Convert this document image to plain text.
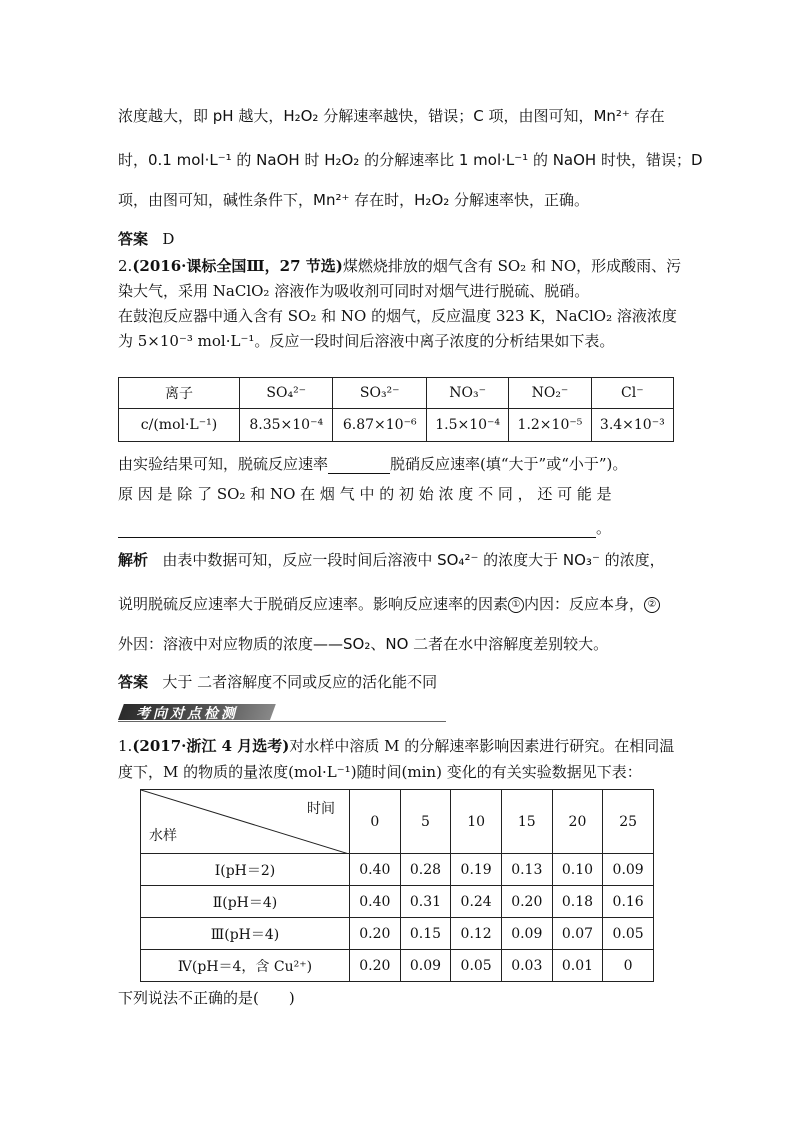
浓度越大，即 pH 越大，H₂O₂ 分解速率越快，错误；C 项，由图可知，Mn²⁺ 存在
时，0.1 mol·L⁻¹ 的 NaOH 时 H₂O₂ 的分解速率比 1 mol·L⁻¹ 的 NaOH 时快，错误；D
项，由图可知，碱性条件下，Mn²⁺ 存在时，H₂O₂ 分解速率快，正确。
答案 D
2.(2016·课标全国Ⅲ，27 节选)煤燃烧排放的烟气含有 SO₂ 和 NO，形成酸雨、污
染大气，采用 NaClO₂ 溶液作为吸收剂可同时对烟气进行脱硫、脱硝。
在鼓泡反应器中通入含有 SO₂ 和 NO 的烟气，反应温度 323 K，NaClO₂ 溶液浓度
为 5×10⁻³ mol·L⁻¹。反应一段时间后溶液中离子浓度的分析结果如下表。
离子	SO₄²⁻	SO₃²⁻	NO₃⁻	NO₂⁻	Cl⁻
c/(mol·L⁻¹)	8.35×10⁻⁴	6.87×10⁻⁶	1.5×10⁻⁴	1.2×10⁻⁵	3.4×10⁻³
由实验结果可知，脱硫反应速率	脱硝反应速率(填“大于”或“小于”)。
原 因 是 除 了 SO₂ 和 NO 在 烟 气 中 的 初 始 浓 度 不 同 ， 还 可 能 是
。
解析 由表中数据可知，反应一段时间后溶液中 SO₄²⁻ 的浓度大于 NO₃⁻ 的浓度，
说明脱硫反应速率大于脱硝反应速率。影响反应速率的因素 ① 内因：反应本身， ②
外因：溶液中对应物质的浓度——SO₂、NO 二者在水中溶解度差别较大。
答案 大于 二者溶解度不同或反应的活化能不同
考向对点检测
1.(2017·浙江 4 月选考)对水样中溶质 M 的分解速率影响因素进行研究。在相同温
度下，M 的物质的量浓度(mol·L⁻¹)随时间(min) 变化的有关实验数据见下表：
时间
水样	0	5	10	15	20	25
Ⅰ(pH＝2)	0.40	0.28	0.19	0.13	0.10	0.09
Ⅱ(pH＝4)	0.40	0.31	0.24	0.20	0.18	0.16
Ⅲ(pH＝4)	0.20	0.15	0.12	0.09	0.07	0.05
Ⅳ(pH＝4，含 Cu²⁺)	0.20	0.09	0.05	0.03	0.01	0
下列说法不正确的是(　　)
